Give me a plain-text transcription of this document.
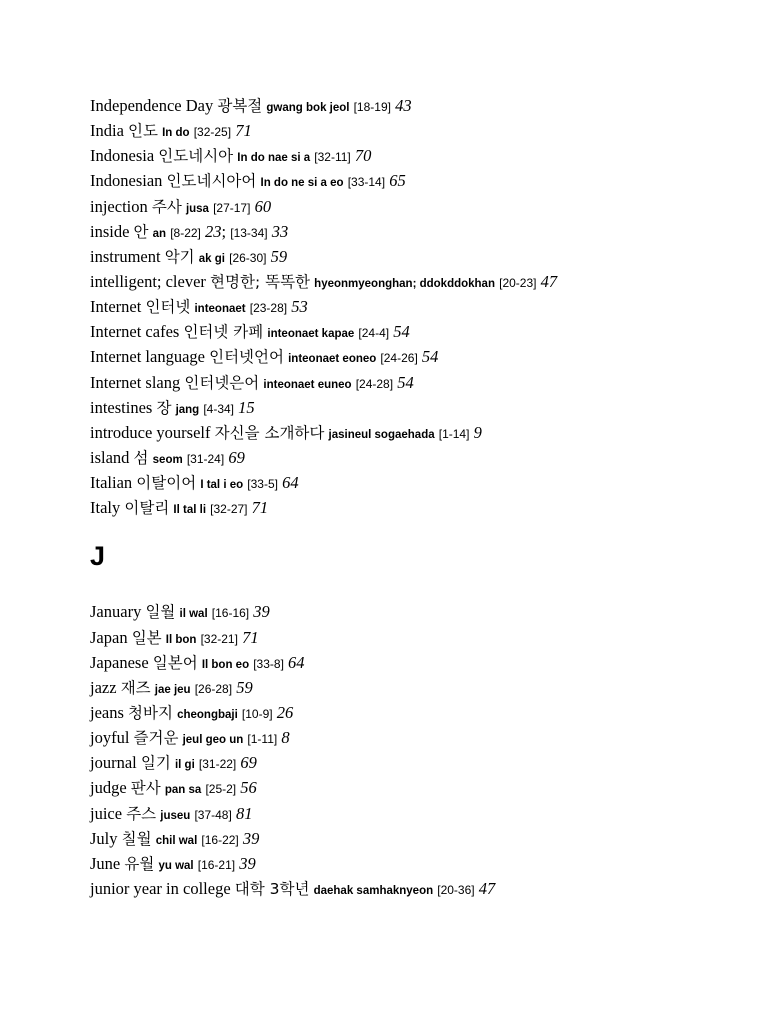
Independence Day 광복절 gwang bok jeol [18-19] 43
India 인도 In do [32-25] 71
Indonesia 인도네시아 In do nae si a [32-11] 70
Indonesian 인도네시아어 In do ne si a eo [33-14] 65
injection 주사 jusa [27-17] 60
inside 안 an [8-22] 23; [13-34] 33
instrument 악기 ak gi [26-30] 59
intelligent; clever 현명한; 똑똑한 hyeonmyeonghan; ddokddokhan [20-23] 47
Internet 인터넷 inteonaet [23-28] 53
Internet cafes 인터넷 카페 inteonaet kapae [24-4] 54
Internet language 인터넷언어 inteonaet eoneo [24-26] 54
Internet slang 인터넷은어 inteonaet euneo [24-28] 54
intestines 장 jang [4-34] 15
introduce yourself 자신을 소개하다 jasineul sogaehada [1-14] 9
island 섬 seom [31-24] 69
Italian 이탈이어 I tal i eo [33-5] 64
Italy 이탈리 Il tal li [32-27] 71
J
January 일월 il wal [16-16] 39
Japan 일본 Il bon [32-21] 71
Japanese 일본어 Il bon eo [33-8] 64
jazz 재즈 jae jeu [26-28] 59
jeans 청바지 cheongbaji [10-9] 26
joyful 즐거운 jeul geo un [1-11] 8
journal 일기 il gi [31-22] 69
judge 판사 pan sa [25-2] 56
juice 주스 juseu [37-48] 81
July 칠월 chil wal [16-22] 39
June 유월 yu wal [16-21] 39
junior year in college 대학 3학년 daehak samhaknyeon [20-36] 47
